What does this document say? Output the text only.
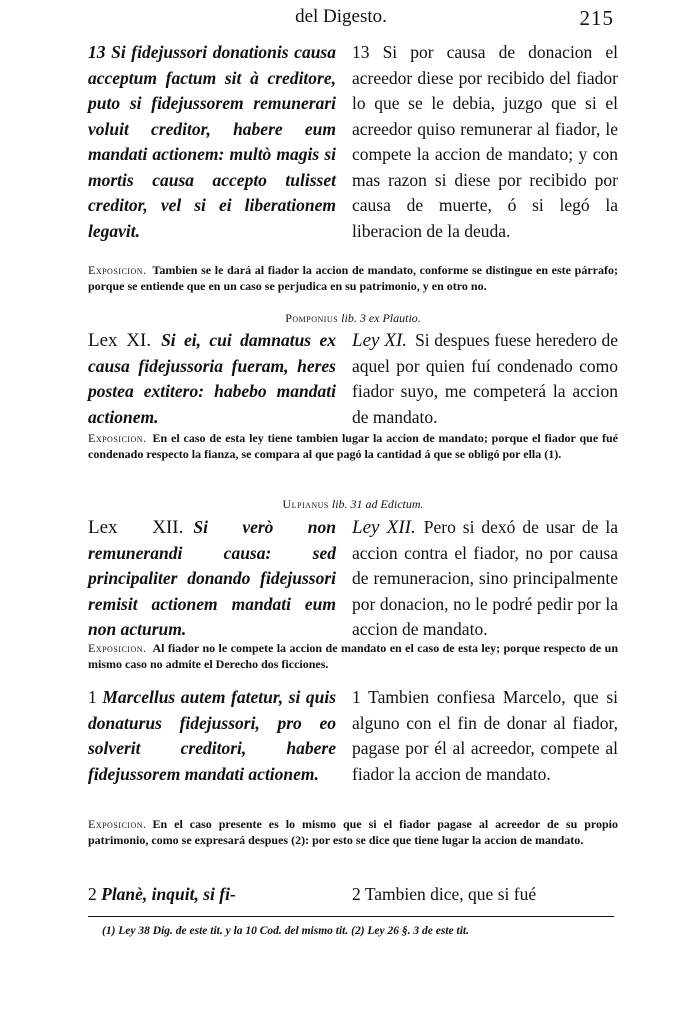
del Digesto.	215

13 Si fidejussori donationis causa acceptum factum sit à creditore, puto si fidejussorem remunerari voluit creditor, habere eum mandati actionem: multò magis si mortis causa accepto tulisset creditor, vel si ei liberationem legavit.

13 Si por causa de donacion el acreedor diese por recibido del fiador lo que se le debia, juzgo que si el acreedor quiso remunerar al fiador, le compete la accion de mandato; y con mas razon si diese por recibido por causa de muerte, ó si legó la liberacion de la deuda.

Exposicion. Tambien se le dará al fiador la accion de mandato, conforme se distingue en este párrafo; porque se entiende que en un caso se perjudica en su patrimonio, y en otro no.

Pomponius lib. 3 ex Plautio.

Lex XI. Si ei, cui damnatus ex causa fidejussoria fueram, heres postea extitero: habebo mandati actionem.

Ley XI. Si despues fuese heredero de aquel por quien fuí condenado como fiador suyo, me competerá la accion de mandato.

Exposicion. En el caso de esta ley tiene tambien lugar la accion de mandato; porque el fiador que fué condenado respecto la fianza, se compara al que pagó la cantidad á que se obligó por ella (1).

Ulpianus lib. 31 ad Edictum.

Lex XII. Si verò non remunerandi causa: sed principaliter donando fidejussori remisit actionem mandati eum non acturum.

Ley XII. Pero si dexó de usar de la accion contra el fiador, no por causa de remuneracion, sino principalmente por donacion, no le podré pedir por la accion de mandato.

Exposicion. Al fiador no le compete la accion de mandato en el caso de esta ley; porque respecto de un mismo caso no admite el Derecho dos ficciones.

1 Marcellus autem fatetur, si quis donaturus fidejussori, pro eo solverit creditori, habere fidejussorem mandati actionem.

1 Tambien confiesa Marcelo, que si alguno con el fin de donar al fiador, pagase por él al acreedor, compete al fiador la accion de mandato.

Exposicion. En el caso presente es lo mismo que si el fiador pagase al acreedor de su propio patrimonio, como se expresará despues (2): por esto se dice que tiene lugar la accion de mandato.

2 Planè, inquit, si fi-	2 Tambien dice, que si fué

(1) Ley 38 Dig. de este tit. y la 10 Cod. del mismo tit. (2) Ley 26 §. 3 de este tit.
